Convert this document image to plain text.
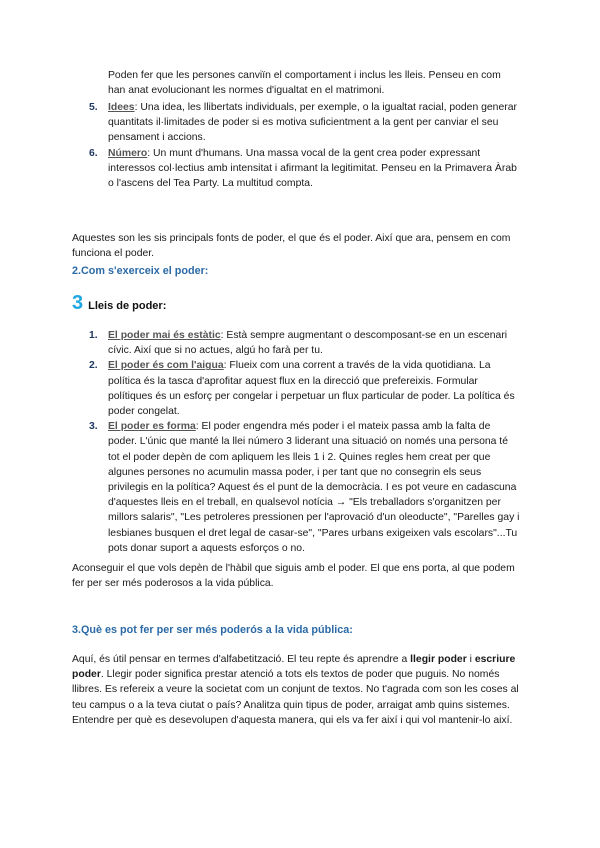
Poden fer que les persones canviïn el comportament i inclus les lleis. Penseu en com han anat evolucionant les normes d'igualtat en el matrimoni.

5. Idees: Una idea, les llibertats individuals, per exemple, o la igualtat racial, poden generar quantitats il·limitades de poder si es motiva suficientment a la gent per canviar el seu pensament i accions.
6. Número: Un munt d'humans. Una massa vocal de la gent crea poder expressant interessos col·lectius amb intensitat i afirmant la legitimitat. Penseu en la Primavera Àrab o l'ascens del Tea Party. La multitud compta.

Aquestes son les sis principals fonts de poder, el que és el poder. Així que ara, pensem en com funciona el poder.

2.Com s'exerceix el poder:
3 Lleis de poder:
1. El poder mai és estàtic: Està sempre augmentant o descomposant-se en un escenari cívic. Així que si no actues, algú ho farà per tu.
2. El poder és com l'aigua: Flueix com una corrent a través de la vida quotidiana. La política és la tasca d'aprofitar aquest flux en la direcció que prefereixis. Formular polítiques és un esforç per congelar i perpetuar un flux particular de poder. La política és poder congelat.
3. El poder es forma: El poder engendra més poder i el mateix passa amb la falta de poder. L'únic que manté la llei número 3 liderant una situació on només una persona té tot el poder depèn de com apliquem les lleis 1 i 2. Quines regles hem creat per que algunes persones no acumulin massa poder, i per tant que no consegrin els seus privilegis en la política? Aquest és el punt de la democràcia. I es pot veure en cadascuna d'aquestes lleis en el treball, en qualsevol notícia → "Els treballadors s'organitzen per millors salaris", "Les petroleres pressionen per l'aprovació d'un oleoducte", "Parelles gay i lesbianes busquen el dret legal de casar-se", "Pares urbans exigeixen vals escolars"...Tu pots donar suport a aquests esforços o no.

Aconseguir el que vols depèn de l'hàbil que siguis amb el poder. El que ens porta, al que podem fer per ser més poderosos a la vida pública.

3.Què es pot fer per ser més poderós a la vida pública:

Aquí, és útil pensar en termes d'alfabetització. El teu repte és aprendre a llegir poder i escriure poder. Llegir poder significa prestar atenció a tots els textos de poder que puguis. No només llibres. Es refereix a veure la societat com un conjunt de textos. No t'agrada com son les coses al teu campus o a la teva ciutat o país? Analitza quin tipus de poder, arraigat amb quins sistemes. Entendre per què es desevolupen d'aquesta manera, qui els va fer així i qui vol mantenir-lo així.
